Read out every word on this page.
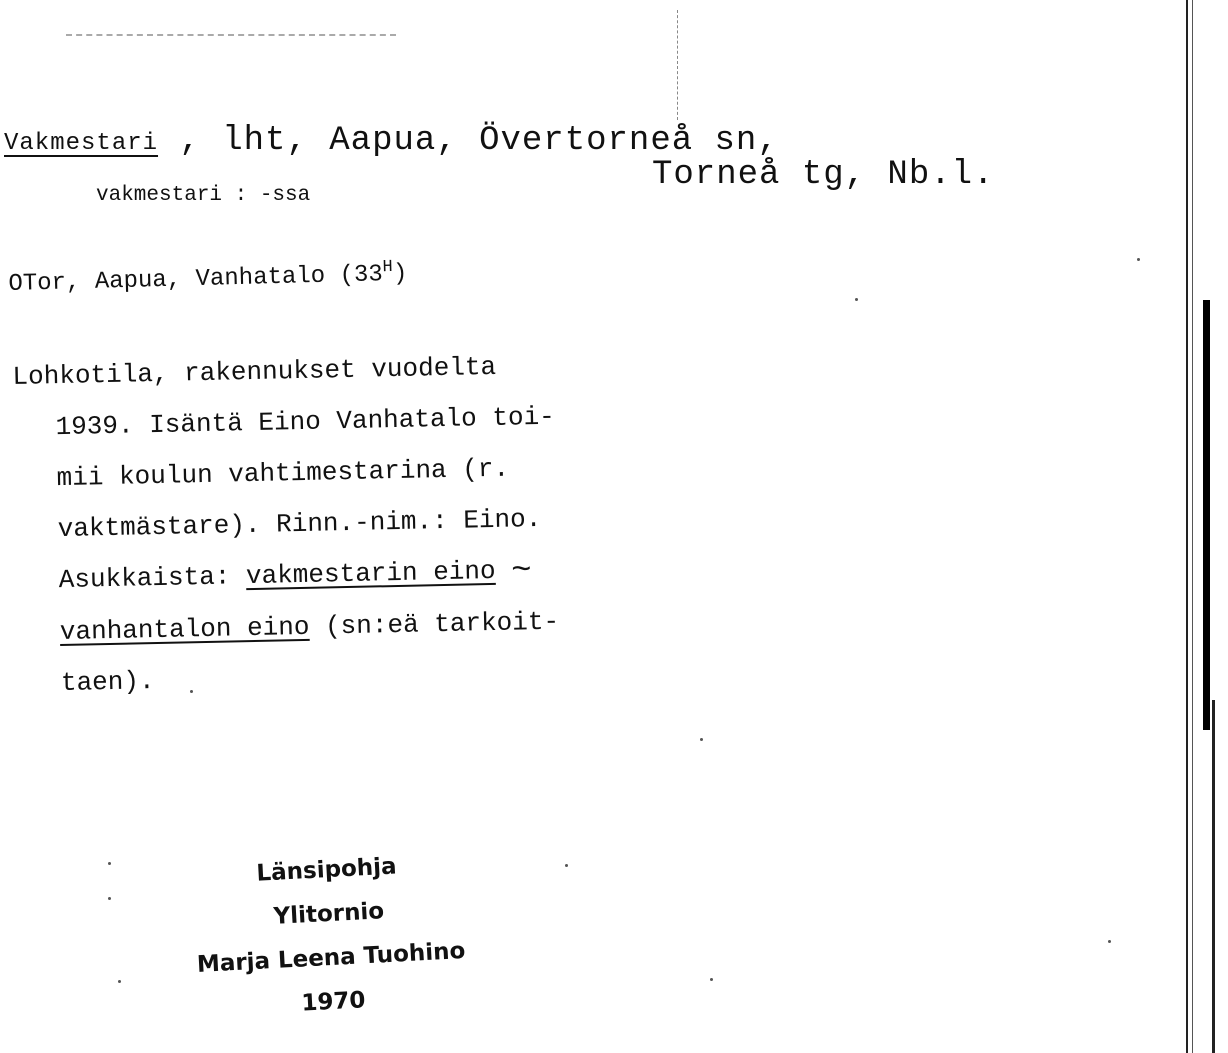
Vakmestari , lht, Aapua, Övertorneå sn,
Torneå tg, Nb.l.
vakmestari : -ssa
OTor, Aapua, Vanhatalo $(33^H)$
Lohkotila, rakennukset vuodelta
1939. Isäntä Eino Vanhatalo toi-
mii koulun vahtimestarina (r.
vaktmästare). Rinn.-nim.: Eino.
Asukkaista: vakmestarin eino ~
vanhantalon eino (sn:eä tarkoit-
taen).
Länsipohja
Ylitornio
Marja Leena Tuohino
1970
